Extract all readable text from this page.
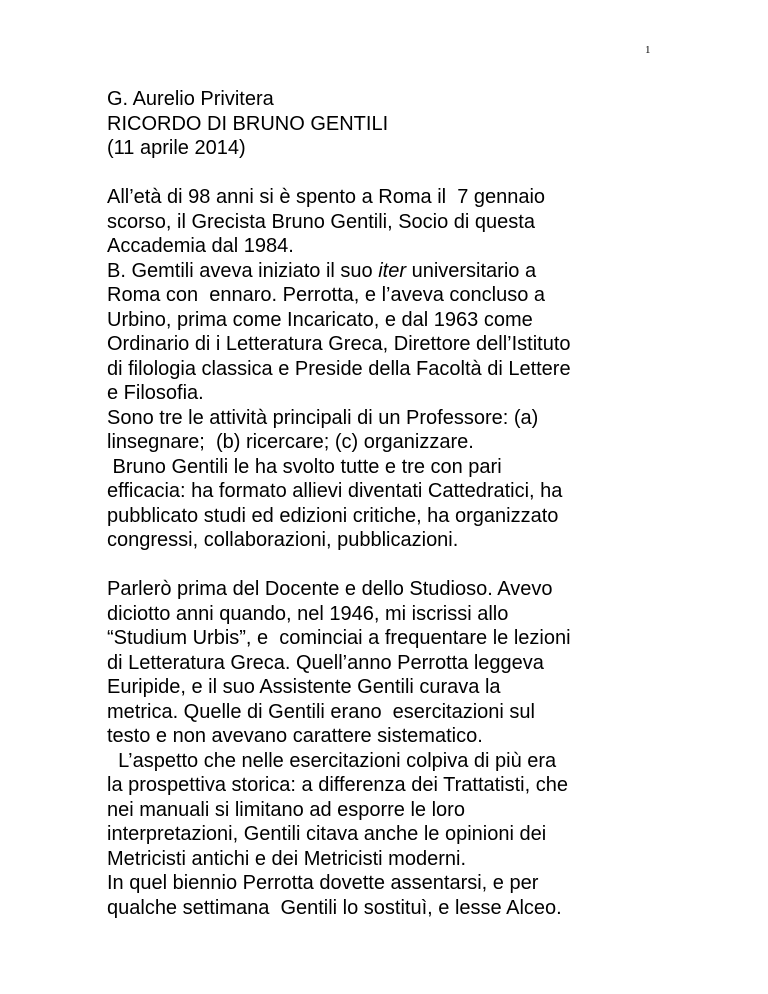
1
G. Aurelio Privitera
RICORDO DI BRUNO GENTILI
(11 aprile 2014)
All’età di 98 anni si è spento a Roma il  7 gennaio
scorso, il Grecista Bruno Gentili, Socio di questa
Accademia dal 1984.
B. Gemtili aveva iniziato il suo iter universitario a
Roma con  ennaro. Perrotta, e l’aveva concluso a
Urbino, prima come Incaricato, e dal 1963 come
Ordinario di i Letteratura Greca, Direttore dell’Istituto
di filologia classica e Preside della Facoltà di Lettere
e Filosofia.
Sono tre le attività principali di un Professore: (a)
linsegnare;  (b) ricercare; (c) organizzare.
Bruno Gentili le ha svolto tutte e tre con pari
efficacia: ha formato allievi diventati Cattedratici, ha
pubblicato studi ed edizioni critiche, ha organizzato
congressi, collaborazioni, pubblicazioni.
Parlerò prima del Docente e dello Studioso. Avevo
diciotto anni quando, nel 1946, mi iscrissi allo
“Studium Urbis”, e  cominciai a frequentare le lezioni
di Letteratura Greca. Quell’anno Perrotta leggeva
Euripide, e il suo Assistente Gentili curava la
metrica. Quelle di Gentili erano  esercitazioni sul
testo e non avevano carattere sistematico.
L’aspetto che nelle esercitazioni colpiva di più era
la prospettiva storica: a differenza dei Trattatisti, che
nei manuali si limitano ad esporre le loro
interpretazioni, Gentili citava anche le opinioni dei
Metricisti antichi e dei Metricisti moderni.
In quel biennio Perrotta dovette assentarsi, e per
qualche settimana  Gentili lo sostituì, e lesse Alceo.
